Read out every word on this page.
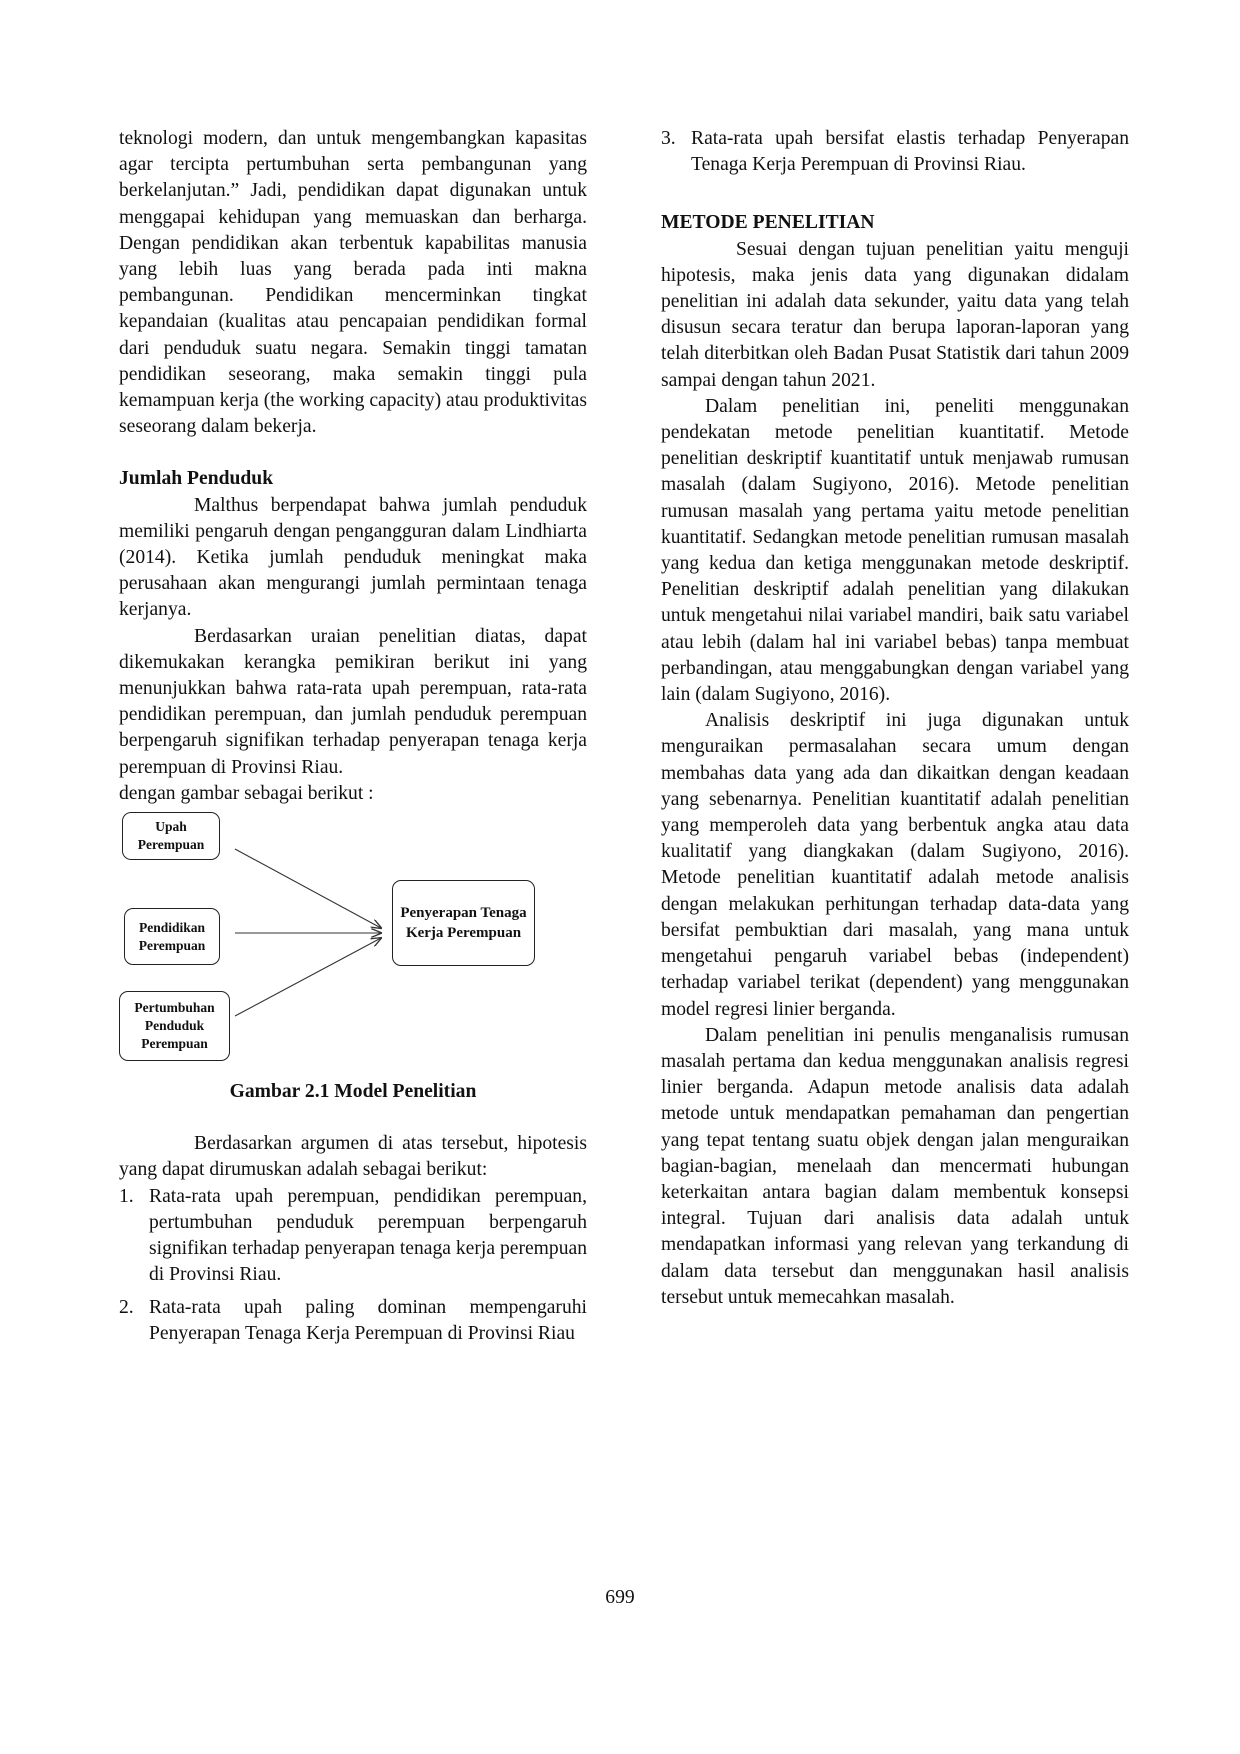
teknologi modern, dan untuk mengembangkan kapasitas agar tercipta pertumbuhan serta pembangunan yang berkelanjutan.” Jadi, pendidikan dapat digunakan untuk menggapai kehidupan yang memuaskan dan berharga. Dengan pendidikan akan terbentuk kapabilitas manusia yang lebih luas yang berada pada inti makna pembangunan. Pendidikan mencerminkan tingkat kepandaian (kualitas atau pencapaian pendidikan formal dari penduduk suatu negara. Semakin tinggi tamatan pendidikan seseorang, maka semakin tinggi pula kemampuan kerja (the working capacity) atau produktivitas seseorang dalam bekerja.

Jumlah Penduduk

Malthus berpendapat bahwa jumlah penduduk memiliki pengaruh dengan pengangguran dalam Lindhiarta (2014). Ketika jumlah penduduk meningkat maka perusahaan akan mengurangi jumlah permintaan tenaga kerjanya.

Berdasarkan uraian penelitian diatas, dapat dikemukakan kerangka pemikiran berikut ini yang menunjukkan bahwa rata-rata upah perempuan, rata-rata pendidikan perempuan, dan jumlah penduduk perempuan berpengaruh signifikan terhadap penyerapan tenaga kerja perempuan di Provinsi Riau.

dengan gambar sebagai berikut :

Upah Perempuan
Pendidikan Perempuan
Pertumbuhan Penduduk Perempuan
Penyerapan Tenaga Kerja Perempuan

Gambar 2.1 Model Penelitian

Berdasarkan argumen di atas tersebut, hipotesis yang dapat dirumuskan adalah sebagai berikut:

1. Rata-rata upah perempuan, pendidikan perempuan, pertumbuhan penduduk perempuan berpengaruh signifikan terhadap penyerapan tenaga kerja perempuan di Provinsi Riau.
2. Rata-rata upah paling dominan mempengaruhi Penyerapan Tenaga Kerja Perempuan di Provinsi Riau
3. Rata-rata upah bersifat elastis terhadap Penyerapan Tenaga Kerja Perempuan di Provinsi Riau.
METODE PENELITIAN

Sesuai dengan tujuan penelitian yaitu menguji hipotesis, maka jenis data yang digunakan didalam penelitian ini adalah data sekunder, yaitu data yang telah disusun secara teratur dan berupa laporan-laporan yang telah diterbitkan oleh Badan Pusat Statistik dari tahun 2009 sampai dengan tahun 2021.

Dalam penelitian ini, peneliti menggunakan pendekatan metode penelitian kuantitatif. Metode penelitian deskriptif kuantitatif untuk menjawab rumusan masalah (dalam Sugiyono, 2016). Metode penelitian rumusan masalah yang pertama yaitu metode penelitian kuantitatif. Sedangkan metode penelitian rumusan masalah yang kedua dan ketiga menggunakan metode deskriptif. Penelitian deskriptif adalah penelitian yang dilakukan untuk mengetahui nilai variabel mandiri, baik satu variabel atau lebih (dalam hal ini variabel bebas) tanpa membuat perbandingan, atau menggabungkan dengan variabel yang lain (dalam Sugiyono, 2016).

Analisis deskriptif ini juga digunakan untuk menguraikan permasalahan secara umum dengan membahas data yang ada dan dikaitkan dengan keadaan yang sebenarnya. Penelitian kuantitatif adalah penelitian yang memperoleh data yang berbentuk angka atau data kualitatif yang diangkakan (dalam Sugiyono, 2016). Metode penelitian kuantitatif adalah metode analisis dengan melakukan perhitungan terhadap data-data yang bersifat pembuktian dari masalah, yang mana untuk mengetahui pengaruh variabel bebas (independent) terhadap variabel terikat (dependent) yang menggunakan model regresi linier berganda.

Dalam penelitian ini penulis menganalisis rumusan masalah pertama dan kedua menggunakan analisis regresi linier berganda. Adapun metode analisis data adalah metode untuk mendapatkan pemahaman dan pengertian yang tepat tentang suatu objek dengan jalan menguraikan bagian-bagian, menelaah dan mencermati hubungan keterkaitan antara bagian dalam membentuk konsepsi integral. Tujuan dari analisis data adalah untuk mendapatkan informasi yang relevan yang terkandung di dalam data tersebut dan menggunakan hasil analisis tersebut untuk memecahkan masalah.

699
